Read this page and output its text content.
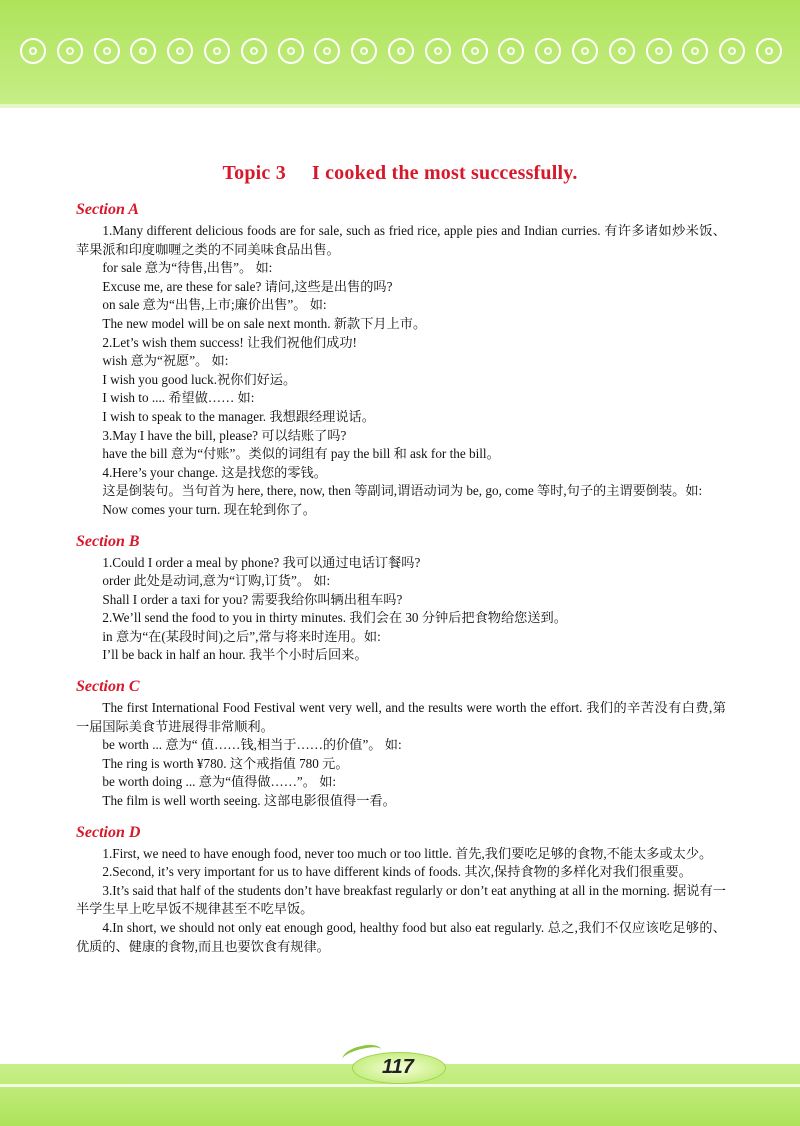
Topic 3 I cooked the most successfully.
Section A

1.Many different delicious foods are for sale, such as fried rice, apple pies and Indian curries. 有许多诸如炒米饭、苹果派和印度咖喱之类的不同美味食品出售。

for sale 意为“待售,出售”。 如:

Excuse me, are these for sale? 请问,这些是出售的吗?

on sale 意为“出售,上市;廉价出售”。 如:

The new model will be on sale next month. 新款下月上市。

2.Let’s wish them success! 让我们祝他们成功!

wish 意为“祝愿”。 如:

I wish you good luck.祝你们好运。

I wish to .... 希望做…… 如:

I wish to speak to the manager. 我想跟经理说话。

3.May I have the bill, please? 可以结账了吗?

have the bill 意为“付账”。类似的词组有 pay the bill 和 ask for the bill。

4.Here’s your change. 这是找您的零钱。

这是倒装句。当句首为 here, there, now, then 等副词,谓语动词为 be, go, come 等时,句子的主谓要倒装。如:

Now comes your turn. 现在轮到你了。

Section B

1.Could I order a meal by phone? 我可以通过电话订餐吗?

order 此处是动词,意为“订购,订货”。 如:

Shall I order a taxi for you? 需要我给你叫辆出租车吗?

2.We’ll send the food to you in thirty minutes. 我们会在 30 分钟后把食物给您送到。

in 意为“在(某段时间)之后”,常与将来时连用。如:

I’ll be back in half an hour. 我半个小时后回来。

Section C

The first International Food Festival went very well, and the results were worth the effort. 我们的辛苦没有白费,第一届国际美食节进展得非常顺利。

be worth ... 意为“ 值……钱,相当于……的价值”。 如:

The ring is worth ¥780. 这个戒指值 780 元。

be worth doing ... 意为“值得做……”。 如:

The film is well worth seeing. 这部电影很值得一看。

Section D

1.First, we need to have enough food, never too much or too little. 首先,我们要吃足够的食物,不能太多或太少。

2.Second, it’s very important for us to have different kinds of foods. 其次,保持食物的多样化对我们很重要。

3.It’s said that half of the students don’t have breakfast regularly or don’t eat anything at all in the morning. 据说有一半学生早上吃早饭不规律甚至不吃早饭。

4.In short, we should not only eat enough good, healthy food but also eat regularly. 总之,我们不仅应该吃足够的、优质的、健康的食物,而且也要饮食有规律。

117
